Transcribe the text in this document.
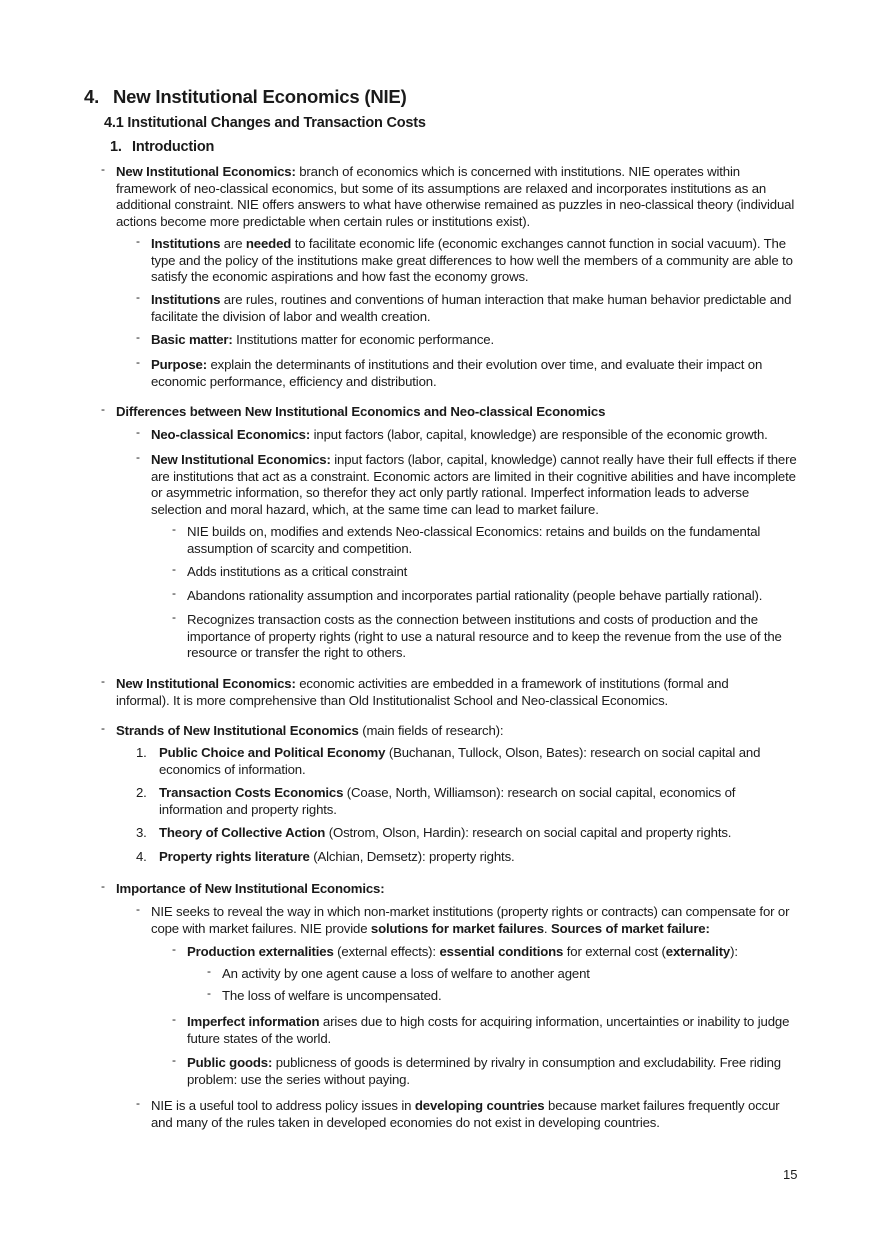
4. New Institutional Economics (NIE)
4.1 Institutional Changes and Transaction Costs
1. Introduction
- New Institutional Economics: branch of economics which is concerned with institutions. NIE operates within framework of neo-classical economics, but some of its assumptions are relaxed and incorporates institutions as an additional constraint. NIE offers answers to what have otherwise remained as puzzles in neo-classical theory (individual actions become more predictable when certain rules or institutions exist).
- Institutions are needed to facilitate economic life (economic exchanges cannot function in social vacuum). The type and the policy of the institutions make great differences to how well the members of a community are able to satisfy the economic aspirations and how fast the economy grows.
- Institutions are rules, routines and conventions of human interaction that make human behavior predictable and facilitate the division of labor and wealth creation.
- Basic matter: Institutions matter for economic performance.
- Purpose: explain the determinants of institutions and their evolution over time, and evaluate their impact on economic performance, efficiency and distribution.
- Differences between New Institutional Economics and Neo-classical Economics
- Neo-classical Economics: input factors (labor, capital, knowledge) are responsible of the economic growth.
- New Institutional Economics: input factors (labor, capital, knowledge) cannot really have their full effects if there are institutions that act as a constraint. Economic actors are limited in their cognitive abilities and have incomplete or asymmetric information, so therefor they act only partly rational. Imperfect information leads to adverse selection and moral hazard, which, at the same time can lead to market failure.
- NIE builds on, modifies and extends Neo-classical Economics: retains and builds on the fundamental assumption of scarcity and competition.
- Adds institutions as a critical constraint
- Abandons rationality assumption and incorporates partial rationality (people behave partially rational).
- Recognizes transaction costs as the connection between institutions and costs of production and the importance of property rights (right to use a natural resource and to keep the revenue from the use of the resource or transfer the right to others.
- New Institutional Economics: economic activities are embedded in a framework of institutions (formal and informal). It is more comprehensive than Old Institutionalist School and Neo-classical Economics.
- Strands of New Institutional Economics (main fields of research):
1. Public Choice and Political Economy (Buchanan, Tullock, Olson, Bates): research on social capital and economics of information.
2. Transaction Costs Economics (Coase, North, Williamson): research on social capital, economics of information and property rights.
3. Theory of Collective Action (Ostrom, Olson, Hardin): research on social capital and property rights.
4. Property rights literature (Alchian, Demsetz): property rights.
- Importance of New Institutional Economics:
- NIE seeks to reveal the way in which non-market institutions (property rights or contracts) can compensate for or cope with market failures. NIE provide solutions for market failures. Sources of market failure:
- Production externalities (external effects): essential conditions for external cost (externality):
- An activity by one agent cause a loss of welfare to another agent
- The loss of welfare is uncompensated.
- Imperfect information arises due to high costs for acquiring information, uncertainties or inability to judge future states of the world.
- Public goods: publicness of goods is determined by rivalry in consumption and excludability. Free riding problem: use the series without paying.
- NIE is a useful tool to address policy issues in developing countries because market failures frequently occur and many of the rules taken in developed economies do not exist in developing countries.
15
